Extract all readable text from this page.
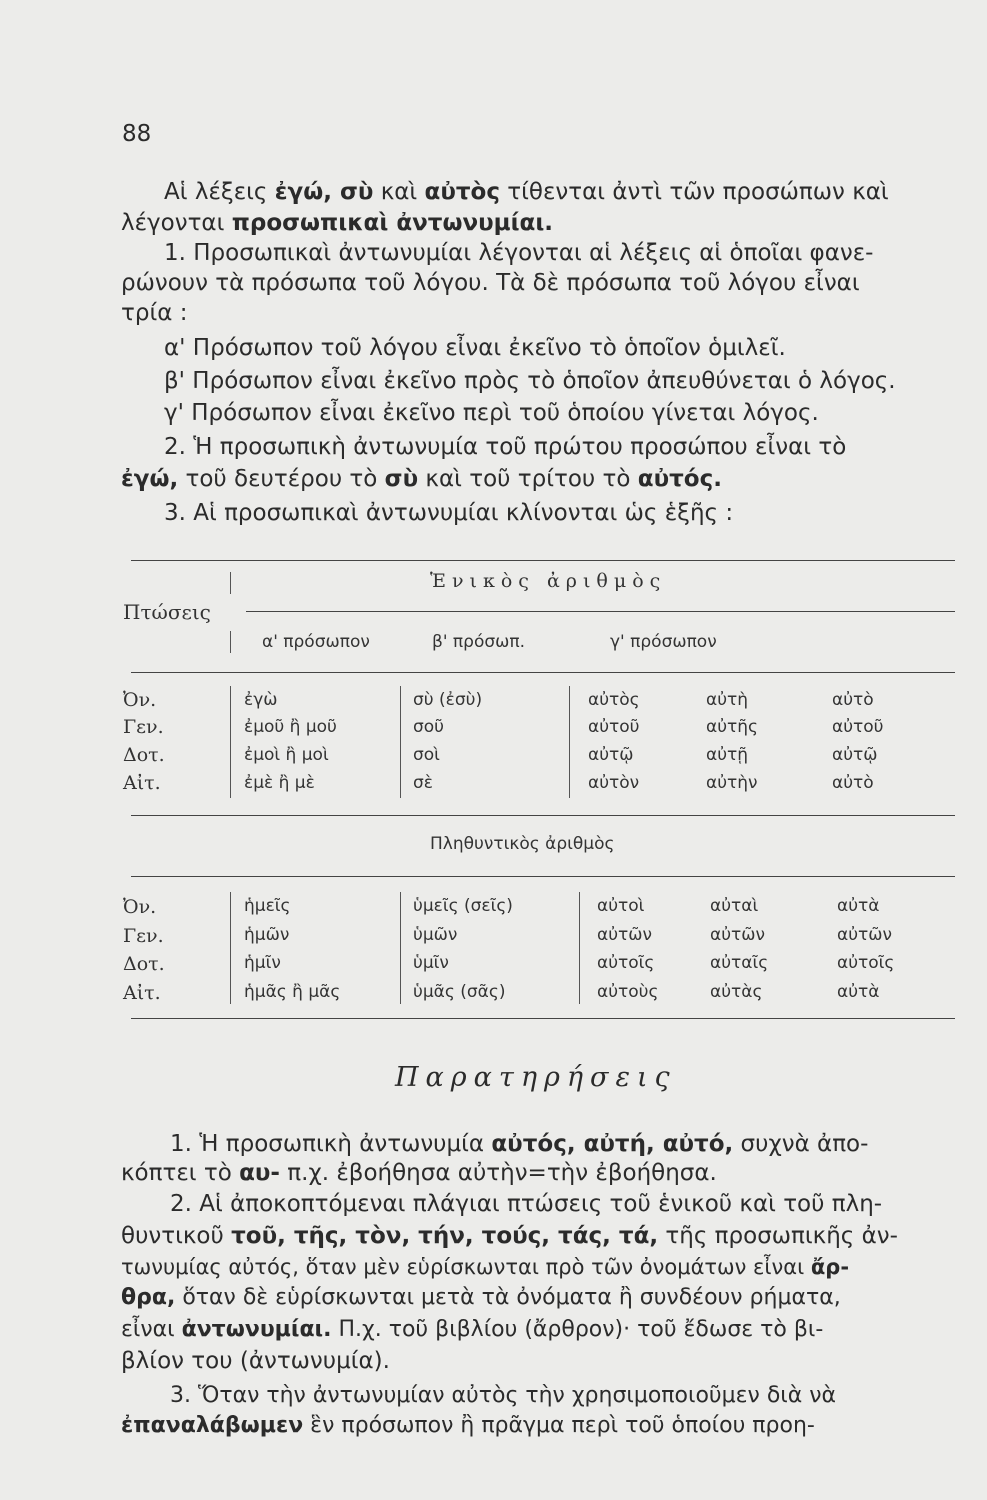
88
Αἱ λέξεις ἐγώ, σὺ καὶ αὐτὸς τίθενται ἀντὶ τῶν προσώπων καὶ
λέγονται προσωπικαὶ ἀντωνυμίαι.
1. Προσωπικαὶ ἀντωνυμίαι λέγονται αἱ λέξεις αἱ ὁποῖαι φανε-
ρώνουν τὰ πρόσωπα τοῦ λόγου. Τὰ δὲ πρόσωπα τοῦ λόγου εἶναι
τρία :
α' Πρόσωπον τοῦ λόγου εἶναι ἐκεῖνο τὸ ὁποῖον ὁμιλεῖ.
β' Πρόσωπον εἶναι ἐκεῖνο πρὸς τὸ ὁποῖον ἀπευθύνεται ὁ λόγος.
γ' Πρόσωπον εἶναι ἐκεῖνο περὶ τοῦ ὁποίου γίνεται λόγος.
2. Ἡ προσωπικὴ ἀντωνυμία τοῦ πρώτου προσώπου εἶναι τὸ
ἐγώ, τοῦ δευτέρου τὸ σὺ καὶ τοῦ τρίτου τὸ αὐτός.
3. Αἱ προσωπικαὶ ἀντωνυμίαι κλίνονται ὡς ἑξῆς :
Ἑνικὸς ἀριθμὸς
Πτώσεις
α' πρόσωπον	β' πρόσωπ.	γ' πρόσωπον
Ὀν.	ἐγὼ	σὺ (ἐσὺ)	αὐτὸς	αὐτὴ	αὐτὸ
Γεν.	ἐμοῦ ἢ μοῦ	σοῦ	αὐτοῦ	αὐτῆς	αὐτοῦ
Δοτ.	ἐμοὶ ἢ μοὶ	σοὶ	αὐτῷ	αὐτῇ	αὐτῷ
Αἰτ.	ἐμὲ ἢ μὲ	σὲ	αὐτὸν	αὐτὴν	αὐτὸ
Πληθυντικὸς ἀριθμὸς
Ὀν.	ἡμεῖς	ὑμεῖς (σεῖς)	αὐτοὶ	αὐταὶ	αὐτὰ
Γεν.	ἡμῶν	ὑμῶν	αὐτῶν	αὐτῶν	αὐτῶν
Δοτ.	ἡμῖν	ὑμῖν	αὐτοῖς	αὐταῖς	αὐτοῖς
Αἰτ.	ἡμᾶς ἢ μᾶς	ὑμᾶς (σᾶς)	αὐτοὺς	αὐτὰς	αὐτὰ
Παρατηρήσεις
1. Ἡ προσωπικὴ ἀντωνυμία αὐτός, αὐτή, αὐτό, συχνὰ ἀπο-
κόπτει τὸ αυ- π.χ. ἐβοήθησα αὐτὴν=τὴν ἐβοήθησα.
2. Αἱ ἀποκοπτόμεναι πλάγιαι πτώσεις τοῦ ἑνικοῦ καὶ τοῦ πλη-
θυντικοῦ τοῦ, τῆς, τὸν, τήν, τούς, τάς, τά, τῆς προσωπικῆς ἀν-
τωνυμίας αὐτός, ὅταν μὲν εὑρίσκωνται πρὸ τῶν ὀνομάτων εἶναι ἄρ-
θρα, ὅταν δὲ εὑρίσκωνται μετὰ τὰ ὀνόματα ἢ συνδέουν ρήματα,
εἶναι ἀντωνυμίαι. Π.χ. τοῦ βιβλίου (ἄρθρον)· τοῦ ἔδωσε τὸ βι-
βλίον του (ἀντωνυμία).
3. Ὅταν τὴν ἀντωνυμίαν αὐτὸς τὴν χρησιμοποιοῦμεν διὰ νὰ
ἐπαναλάβωμεν ἓν πρόσωπον ἢ πρᾶγμα περὶ τοῦ ὁποίου προη-
